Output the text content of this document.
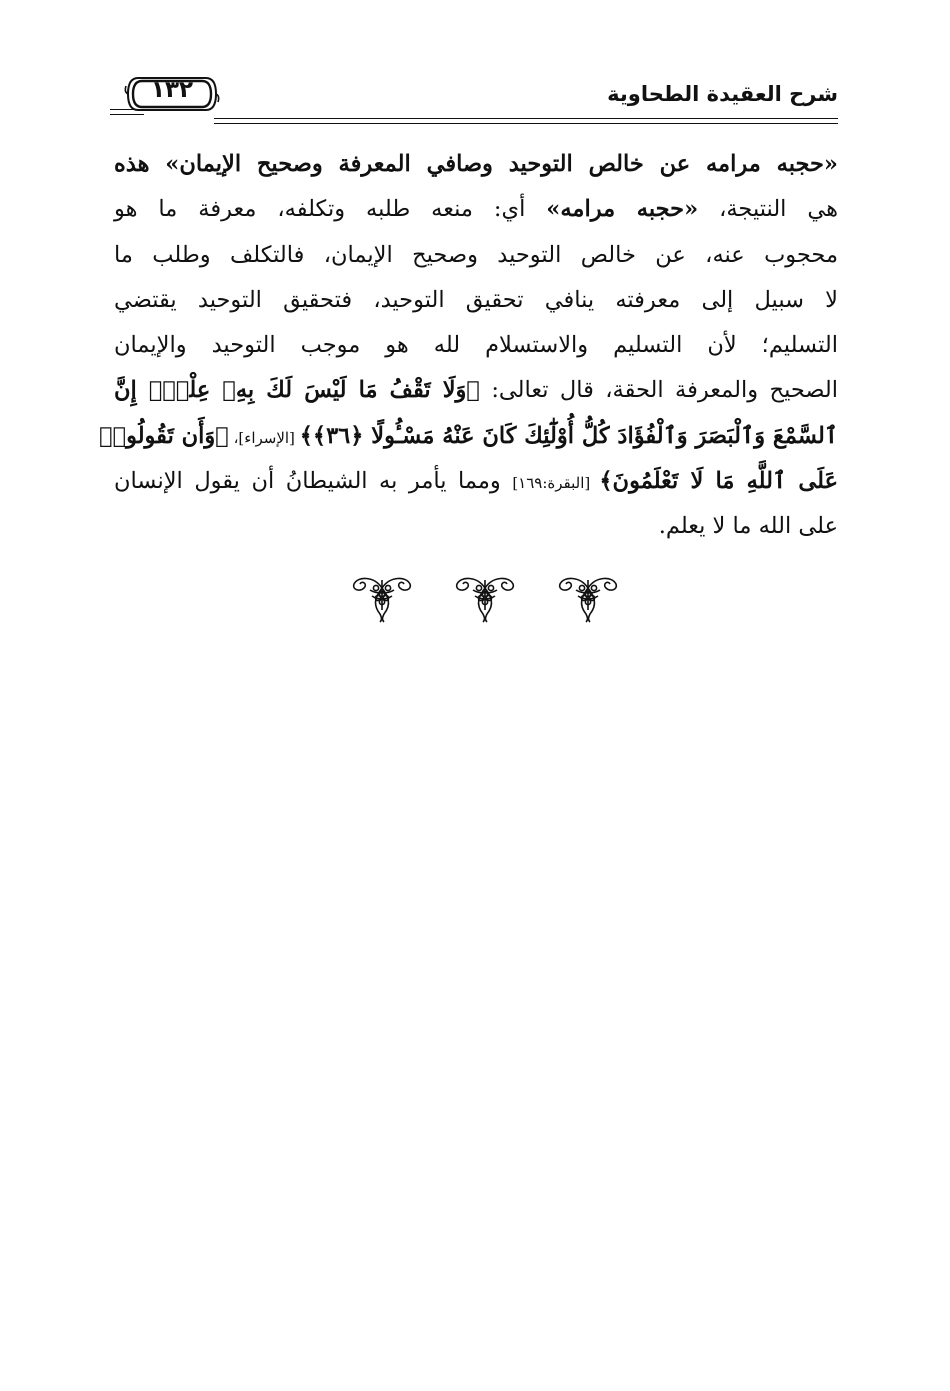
شرح العقيدة الطحاوية
١٣٢
«حجبه مرامه عن خالص التوحيد وصافي المعرفة وصحيح الإيمان» هذه
هي النتيجة، «حجبه مرامه» أي: منعه طلبه وتكلفه، معرفة ما هو
محجوب عنه، عن خالص التوحيد وصحيح الإيمان، فالتكلف وطلب ما
لا سبيل إلى معرفته ينافي تحقيق التوحيد، فتحقيق التوحيد يقتضي
التسليم؛ لأن التسليم والاستسلام لله هو موجب التوحيد والإيمان
الصحيح والمعرفة الحقة، قال تعالى: ﴿وَلَا تَقْفُ مَا لَيْسَ لَكَ بِهِۦ عِلْمٌۚ إِنَّ
ٱلسَّمْعَ وَٱلْبَصَرَ وَٱلْفُؤَادَ كُلُّ أُوْلَٰٓئِكَ كَانَ عَنْهُ مَسْـُٔولًا ﴿٣٦﴾﴾ [الإسراء]، ﴿وَأَن تَقُولُوا۟
عَلَى ٱللَّهِ مَا لَا تَعْلَمُونَ﴾ [البقرة:١٦٩] ومما يأمر به الشيطانُ أن يقول الإنسان
على الله ما لا يعلم.
